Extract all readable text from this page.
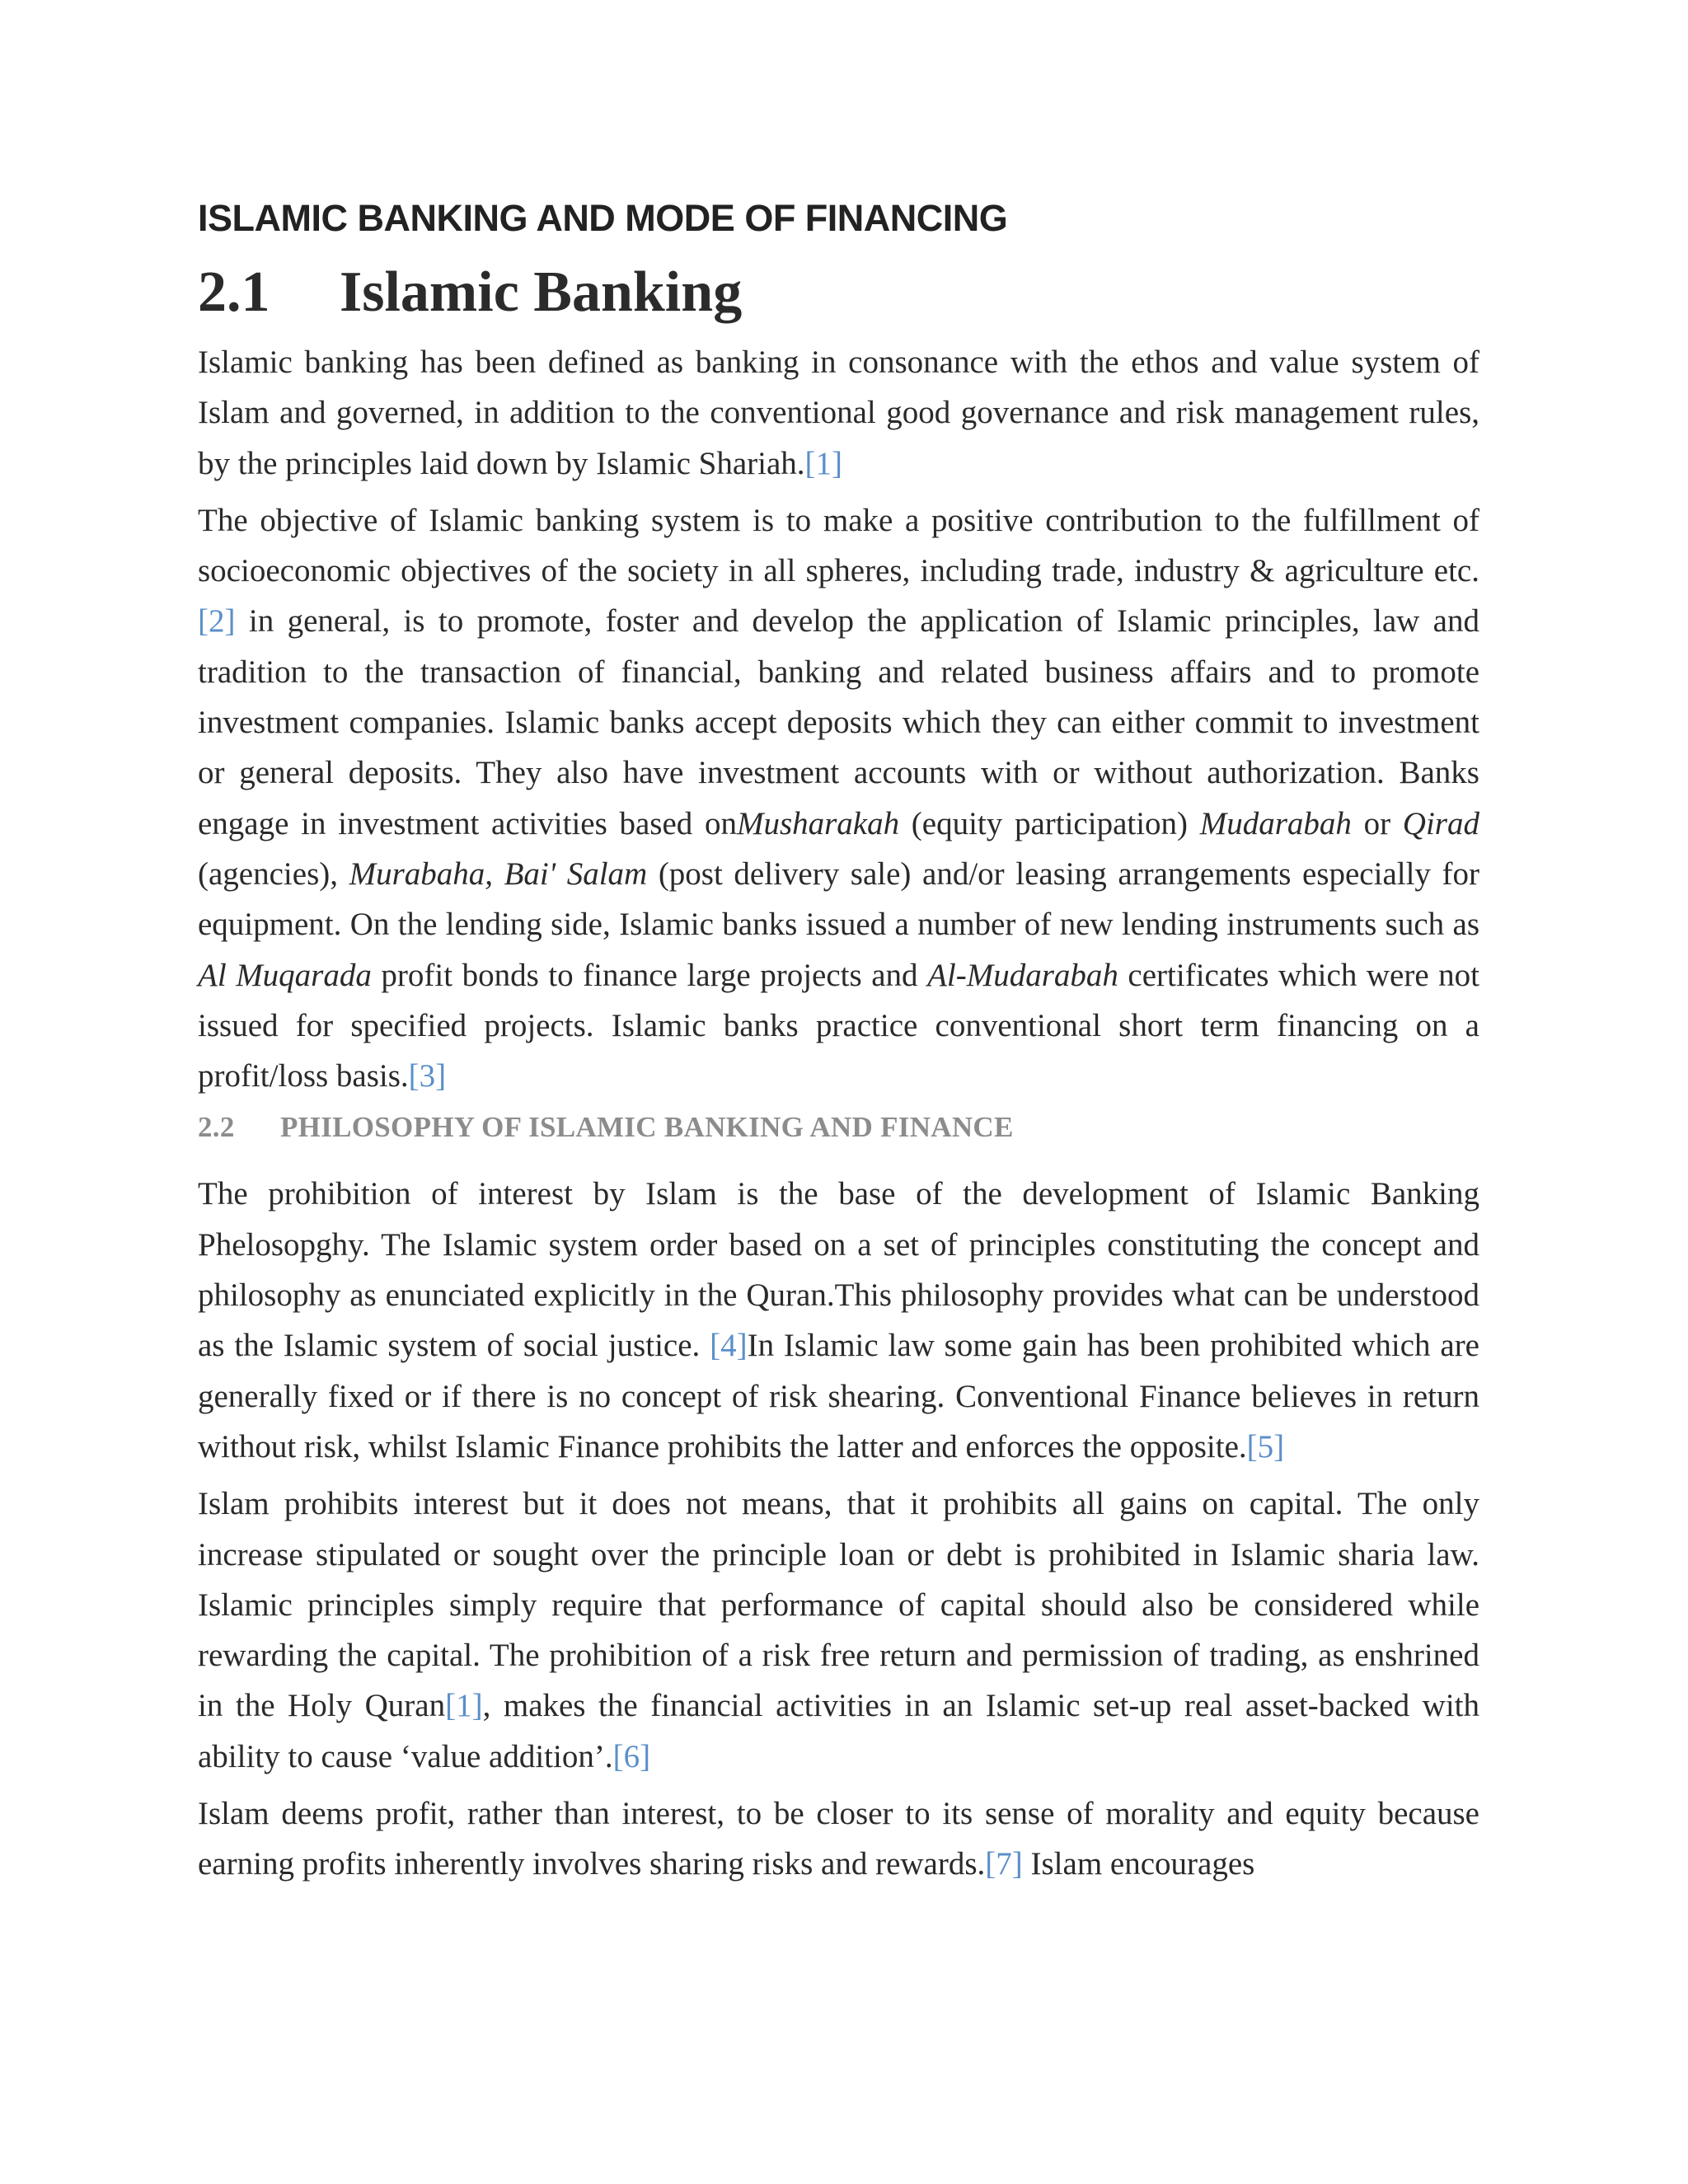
ISLAMIC BANKING AND MODE OF FINANCING
2.1 Islamic Banking

Islamic banking has been defined as banking in consonance with the ethos and value system of Islam and governed, in addition to the conventional good governance and risk management rules, by the principles laid down by Islamic Shariah.[1]

The objective of Islamic banking system is to make a positive contribution to the fulfillment of socioeconomic objectives of the society in all spheres, including trade, industry & agriculture etc.[2] in general, is to promote, foster and develop the application of Islamic principles, law and tradition to the transaction of financial, banking and related business affairs and to promote investment companies. Islamic banks accept deposits which they can either commit to investment or general deposits. They also have investment accounts with or without authorization. Banks engage in investment activities based onMusharakah (equity participation) Mudarabah or Qirad (agencies), Murabaha, Bai' Salam (post delivery sale) and/or leasing arrangements especially for equipment. On the lending side, Islamic banks issued a number of new lending instruments such as Al Muqarada profit bonds to finance large projects and Al-Mudarabah certificates which were not issued for specified projects. Islamic banks practice conventional short term financing on a profit/loss basis.[3]

2.2 PHILOSOPHY OF ISLAMIC BANKING AND FINANCE

The prohibition of interest by Islam is the base of the development of Islamic Banking Phelosopghy. The Islamic system order based on a set of principles constituting the concept and philosophy as enunciated explicitly in the Quran.This philosophy provides what can be understood as the Islamic system of social justice. [4]In Islamic law some gain has been prohibited which are generally fixed or if there is no concept of risk shearing. Conventional Finance believes in return without risk, whilst Islamic Finance prohibits the latter and enforces the opposite.[5]

Islam prohibits interest but it does not means, that it prohibits all gains on capital. The only increase stipulated or sought over the principle loan or debt is prohibited in Islamic sharia law. Islamic principles simply require that performance of capital should also be considered while rewarding the capital. The prohibition of a risk free return and permission of trading, as enshrined in the Holy Quran[1], makes the financial activities in an Islamic set-up real asset-backed with ability to cause ‘value addition’.[6]

Islam deems profit, rather than interest, to be closer to its sense of morality and equity because earning profits inherently involves sharing risks and rewards.[7] Islam encourages
